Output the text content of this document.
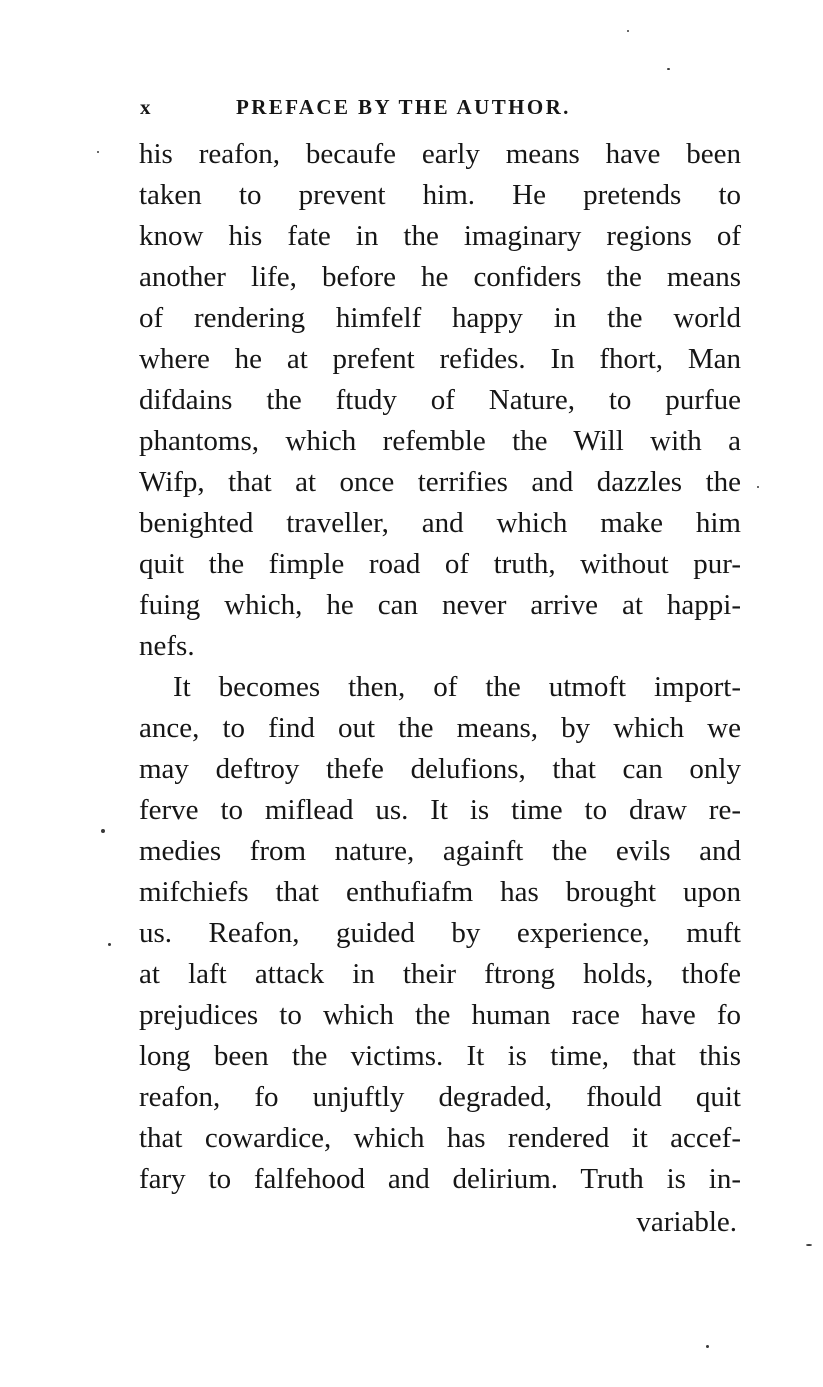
x	PREFACE BY THE AUTHOR.
his reafon, becaufe early means have been
taken to prevent him. He pretends to
know his fate in the imaginary regions of
another life, before he confiders the means
of rendering himfelf happy in the world
where he at prefent refides. In fhort, Man
difdains the ftudy of Nature, to purfue
phantoms, which refemble the Will with a
Wifp, that at once terrifies and dazzles the
benighted traveller, and which make him
quit the fimple road of truth, without pur-
fuing which, he can never arrive at happi-
nefs.
It becomes then, of the utmoft import-
ance, to find out the means, by which we
may deftroy thefe delufions, that can only
ferve to miflead us. It is time to draw re-
medies from nature, againft the evils and
mifchiefs that enthufiafm has brought upon
us. Reafon, guided by experience, muft
at laft attack in their ftrong holds, thofe
prejudices to which the human race have fo
long been the victims. It is time, that this
reafon, fo unjuftly degraded, fhould quit
that cowardice, which has rendered it accef-
fary to falfehood and delirium. Truth is in-
variable.
